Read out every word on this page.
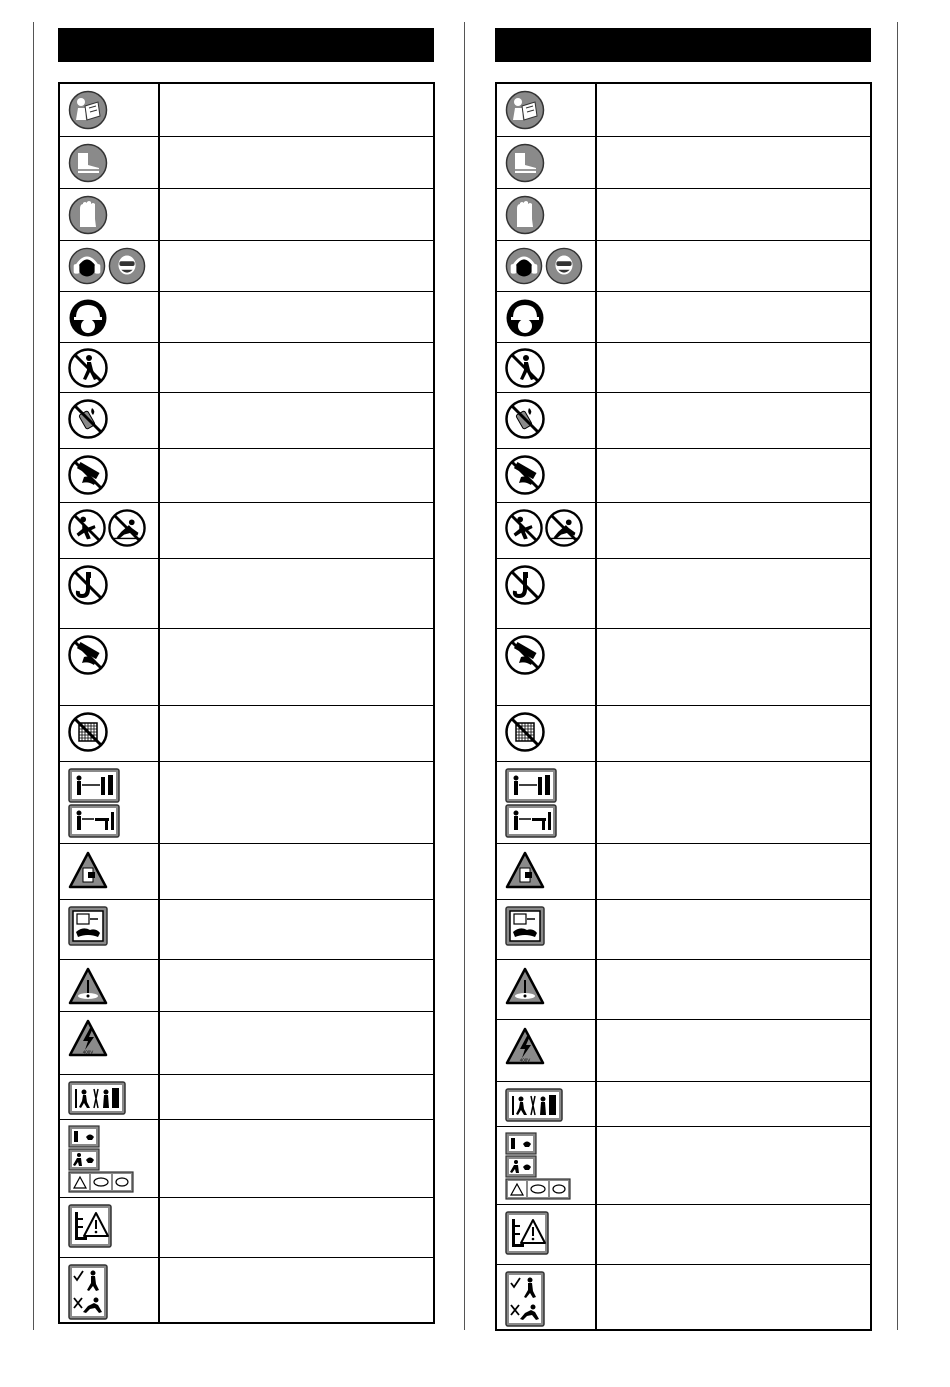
400V
400V
